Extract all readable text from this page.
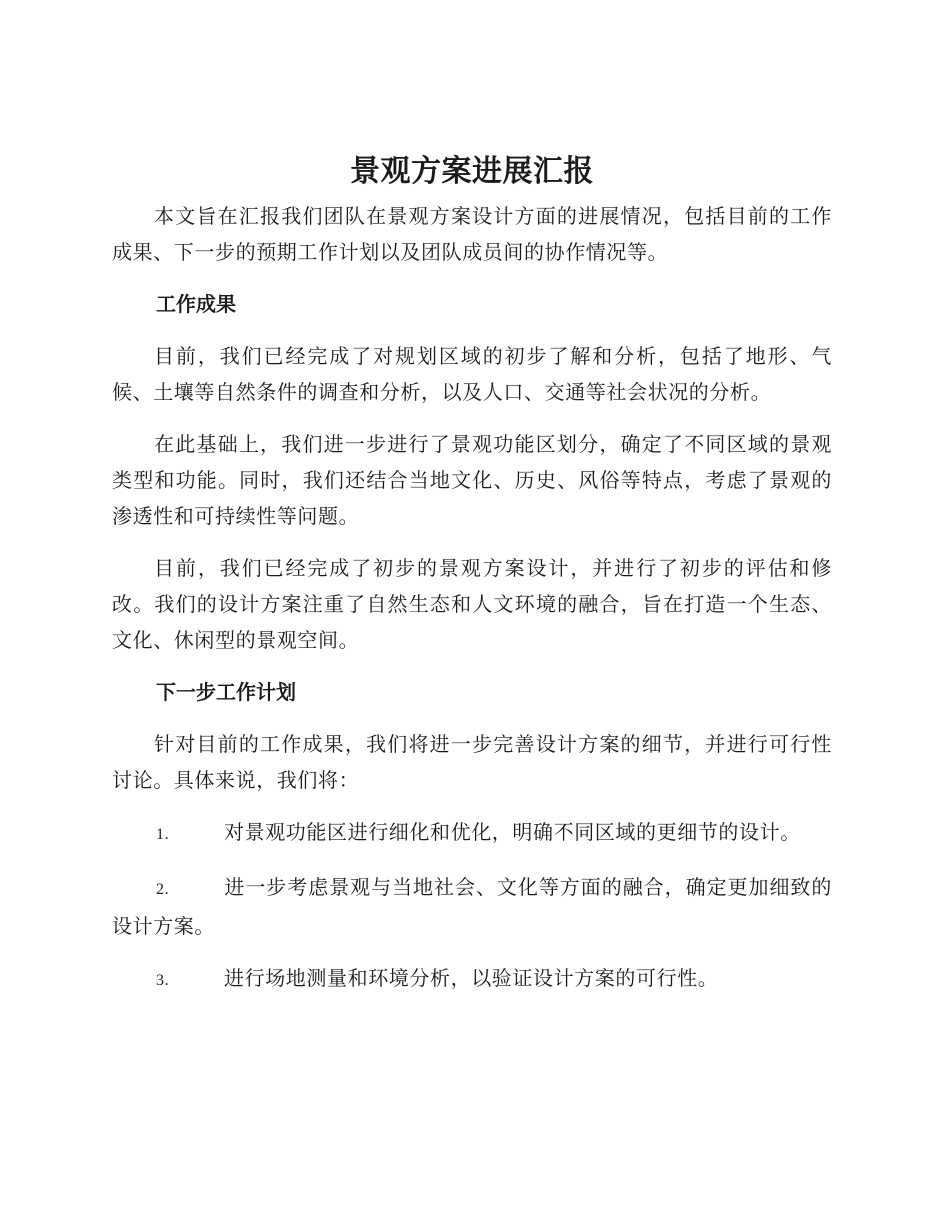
景观方案进展汇报

本文旨在汇报我们团队在景观方案设计方面的进展情况，包括目前的工作成果、下一步的预期工作计划以及团队成员间的协作情况等。

工作成果

目前，我们已经完成了对规划区域的初步了解和分析，包括了地形、气候、土壤等自然条件的调查和分析，以及人口、交通等社会状况的分析。

在此基础上，我们进一步进行了景观功能区划分，确定了不同区域的景观类型和功能。同时，我们还结合当地文化、历史、风俗等特点，考虑了景观的渗透性和可持续性等问题。

目前，我们已经完成了初步的景观方案设计，并进行了初步的评估和修改。我们的设计方案注重了自然生态和人文环境的融合，旨在打造一个生态、文化、休闲型的景观空间。

下一步工作计划

针对目前的工作成果，我们将进一步完善设计方案的细节，并进行可行性讨论。具体来说，我们将：

1.	对景观功能区进行细化和优化，明确不同区域的更细节的设计。

2.	进一步考虑景观与当地社会、文化等方面的融合，确定更加细致的设计方案。

3.	进行场地测量和环境分析，以验证设计方案的可行性。
